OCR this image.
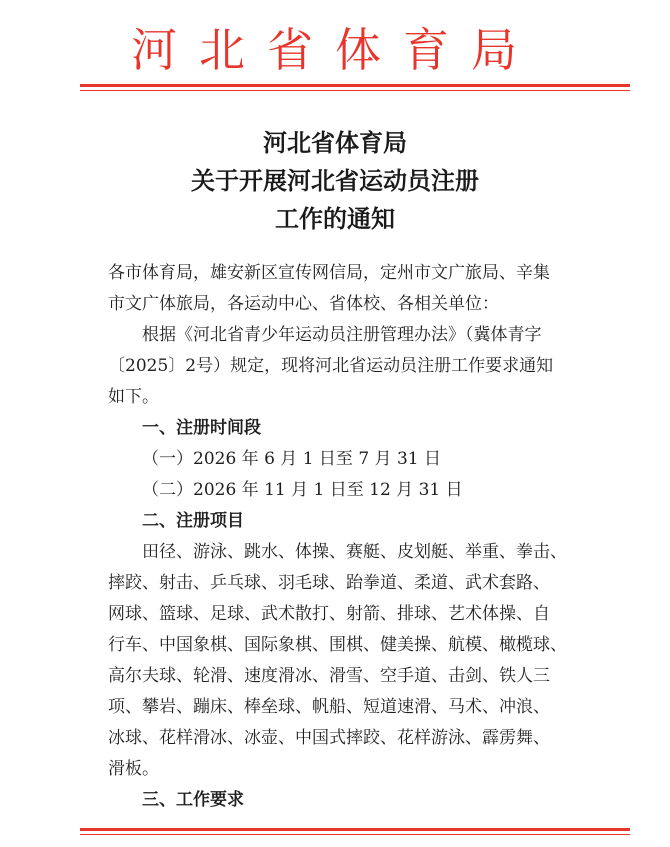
河北省体育局
河北省体育局
关于开展河北省运动员注册
工作的通知
各市体育局，雄安新区宣传网信局，定州市文广旅局、辛集
市文广体旅局，各运动中心、省体校、各相关单位：
根据《河北省青少年运动员注册管理办法》（冀体青字
〔2025〕2号）规定，现将河北省运动员注册工作要求通知
如下。
一、注册时间段
（一）2026 年 6 月 1 日至 7 月 31 日
（二）2026 年 11 月 1 日至 12 月 31 日
二、注册项目
田径、游泳、跳水、体操、赛艇、皮划艇、举重、拳击、
摔跤、射击、乒乓球、羽毛球、跆拳道、柔道、武术套路、
网球、篮球、足球、武术散打、射箭、排球、艺术体操、自
行车、中国象棋、国际象棋、围棋、健美操、航模、橄榄球、
高尔夫球、轮滑、速度滑冰、滑雪、空手道、击剑、铁人三
项、攀岩、蹦床、棒垒球、帆船、短道速滑、马术、冲浪、
冰球、花样滑冰、冰壶、中国式摔跤、花样游泳、霹雳舞、
滑板。
三、工作要求
